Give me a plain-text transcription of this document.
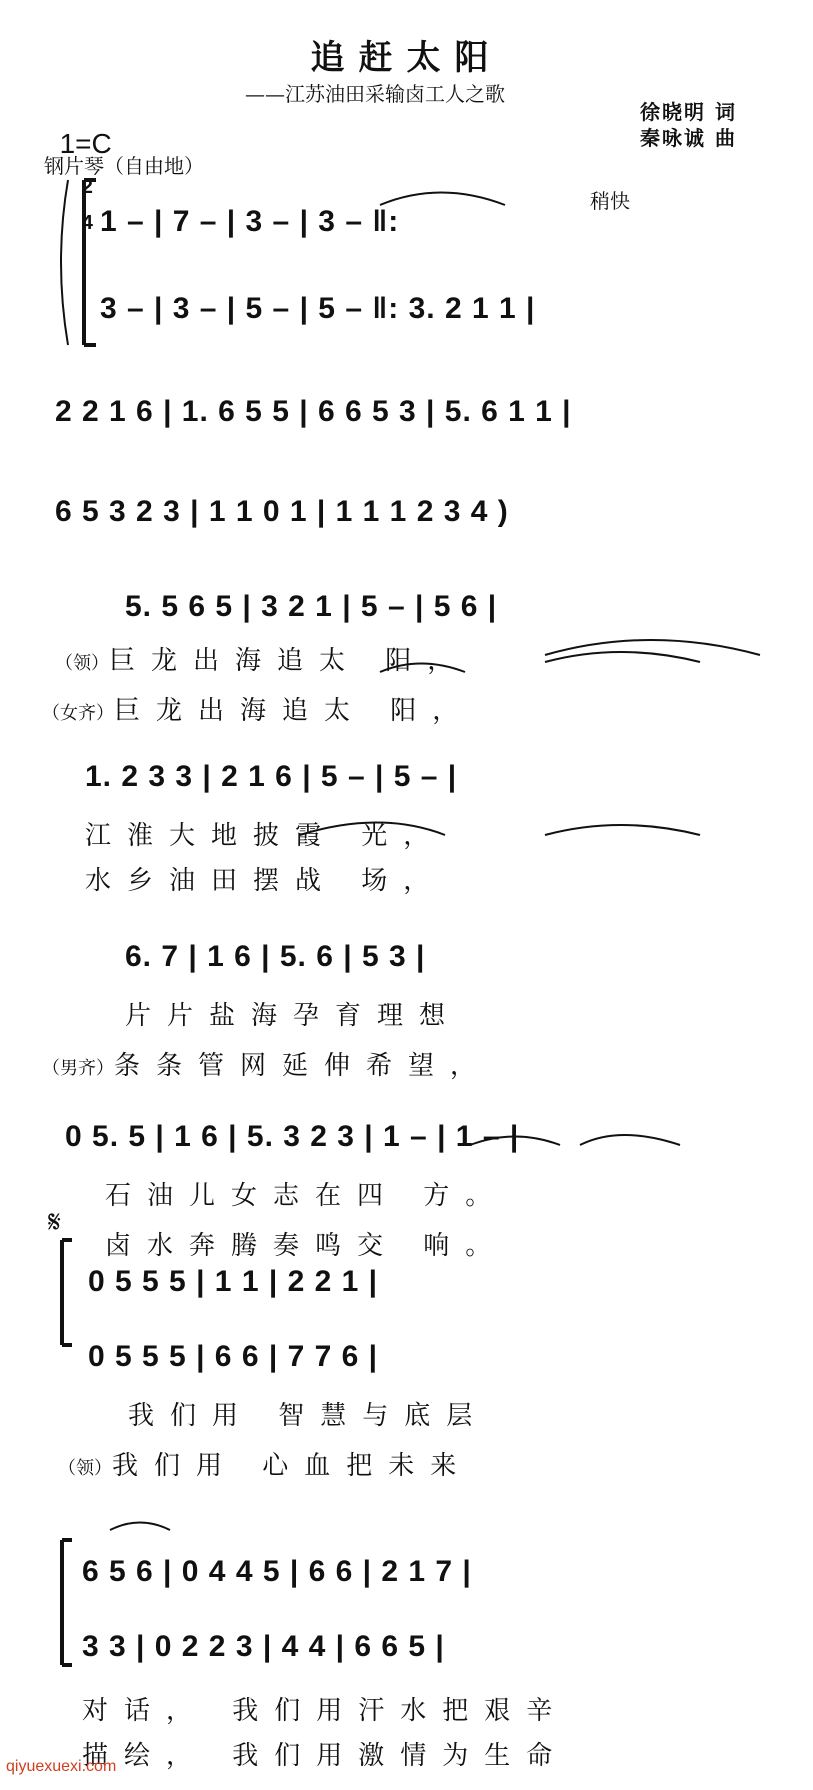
追赶太阳
——江苏油田采输卤工人之歌

1=C

2

4

徐晓明 词
秦咏诚 曲
钢片琴（自由地）
1 – | 7 – | 3 – | 3 – ‖:
稍快
3 – | 3 – | 5 – | 5 – ‖: 3. 2 1 1 |
2 2 1 6 | 1. 6 5 5 | 6 6 5 3 | 5. 6 1 1 |
6 5 3 2 3 | 1 1 0 1 | 1 1 1 2 3 4 )
5. 5 6 5 | 3 2 1 | 5 – | 5 6 |
（领）巨龙出海追太 阳，
（女齐）巨龙出海追太 阳，
1. 2 3 3 | 2 1 6 | 5 – | 5 – |
江淮大地披霞 光，
水乡油田摆战 场，
6. 7 | 1 6 | 5. 6 | 5 3 |
片片盐海孕育理想
（男齐）条条管网延伸希望，
0 5. 5 | 1 6 | 5. 3 2 3 | 1 – | 1 – |
石油儿女志在四 方。
卤水奔腾奏鸣交 响。
𝄋
0 5 5 5 | 1 1 | 2 2 1 |
0 5 5 5 | 6 6 | 7 7 6 |
我们用 智慧与底层
（领）我们用 心血把未来
6 5 6 | 0 4 4 5 | 6 6 | 2 1 7 |
3 3 | 0 2 2 3 | 4 4 | 6 6 5 |
对话， 我们用汗水把艰辛
描绘， 我们用激情为生命
qiyuexuexi.com
